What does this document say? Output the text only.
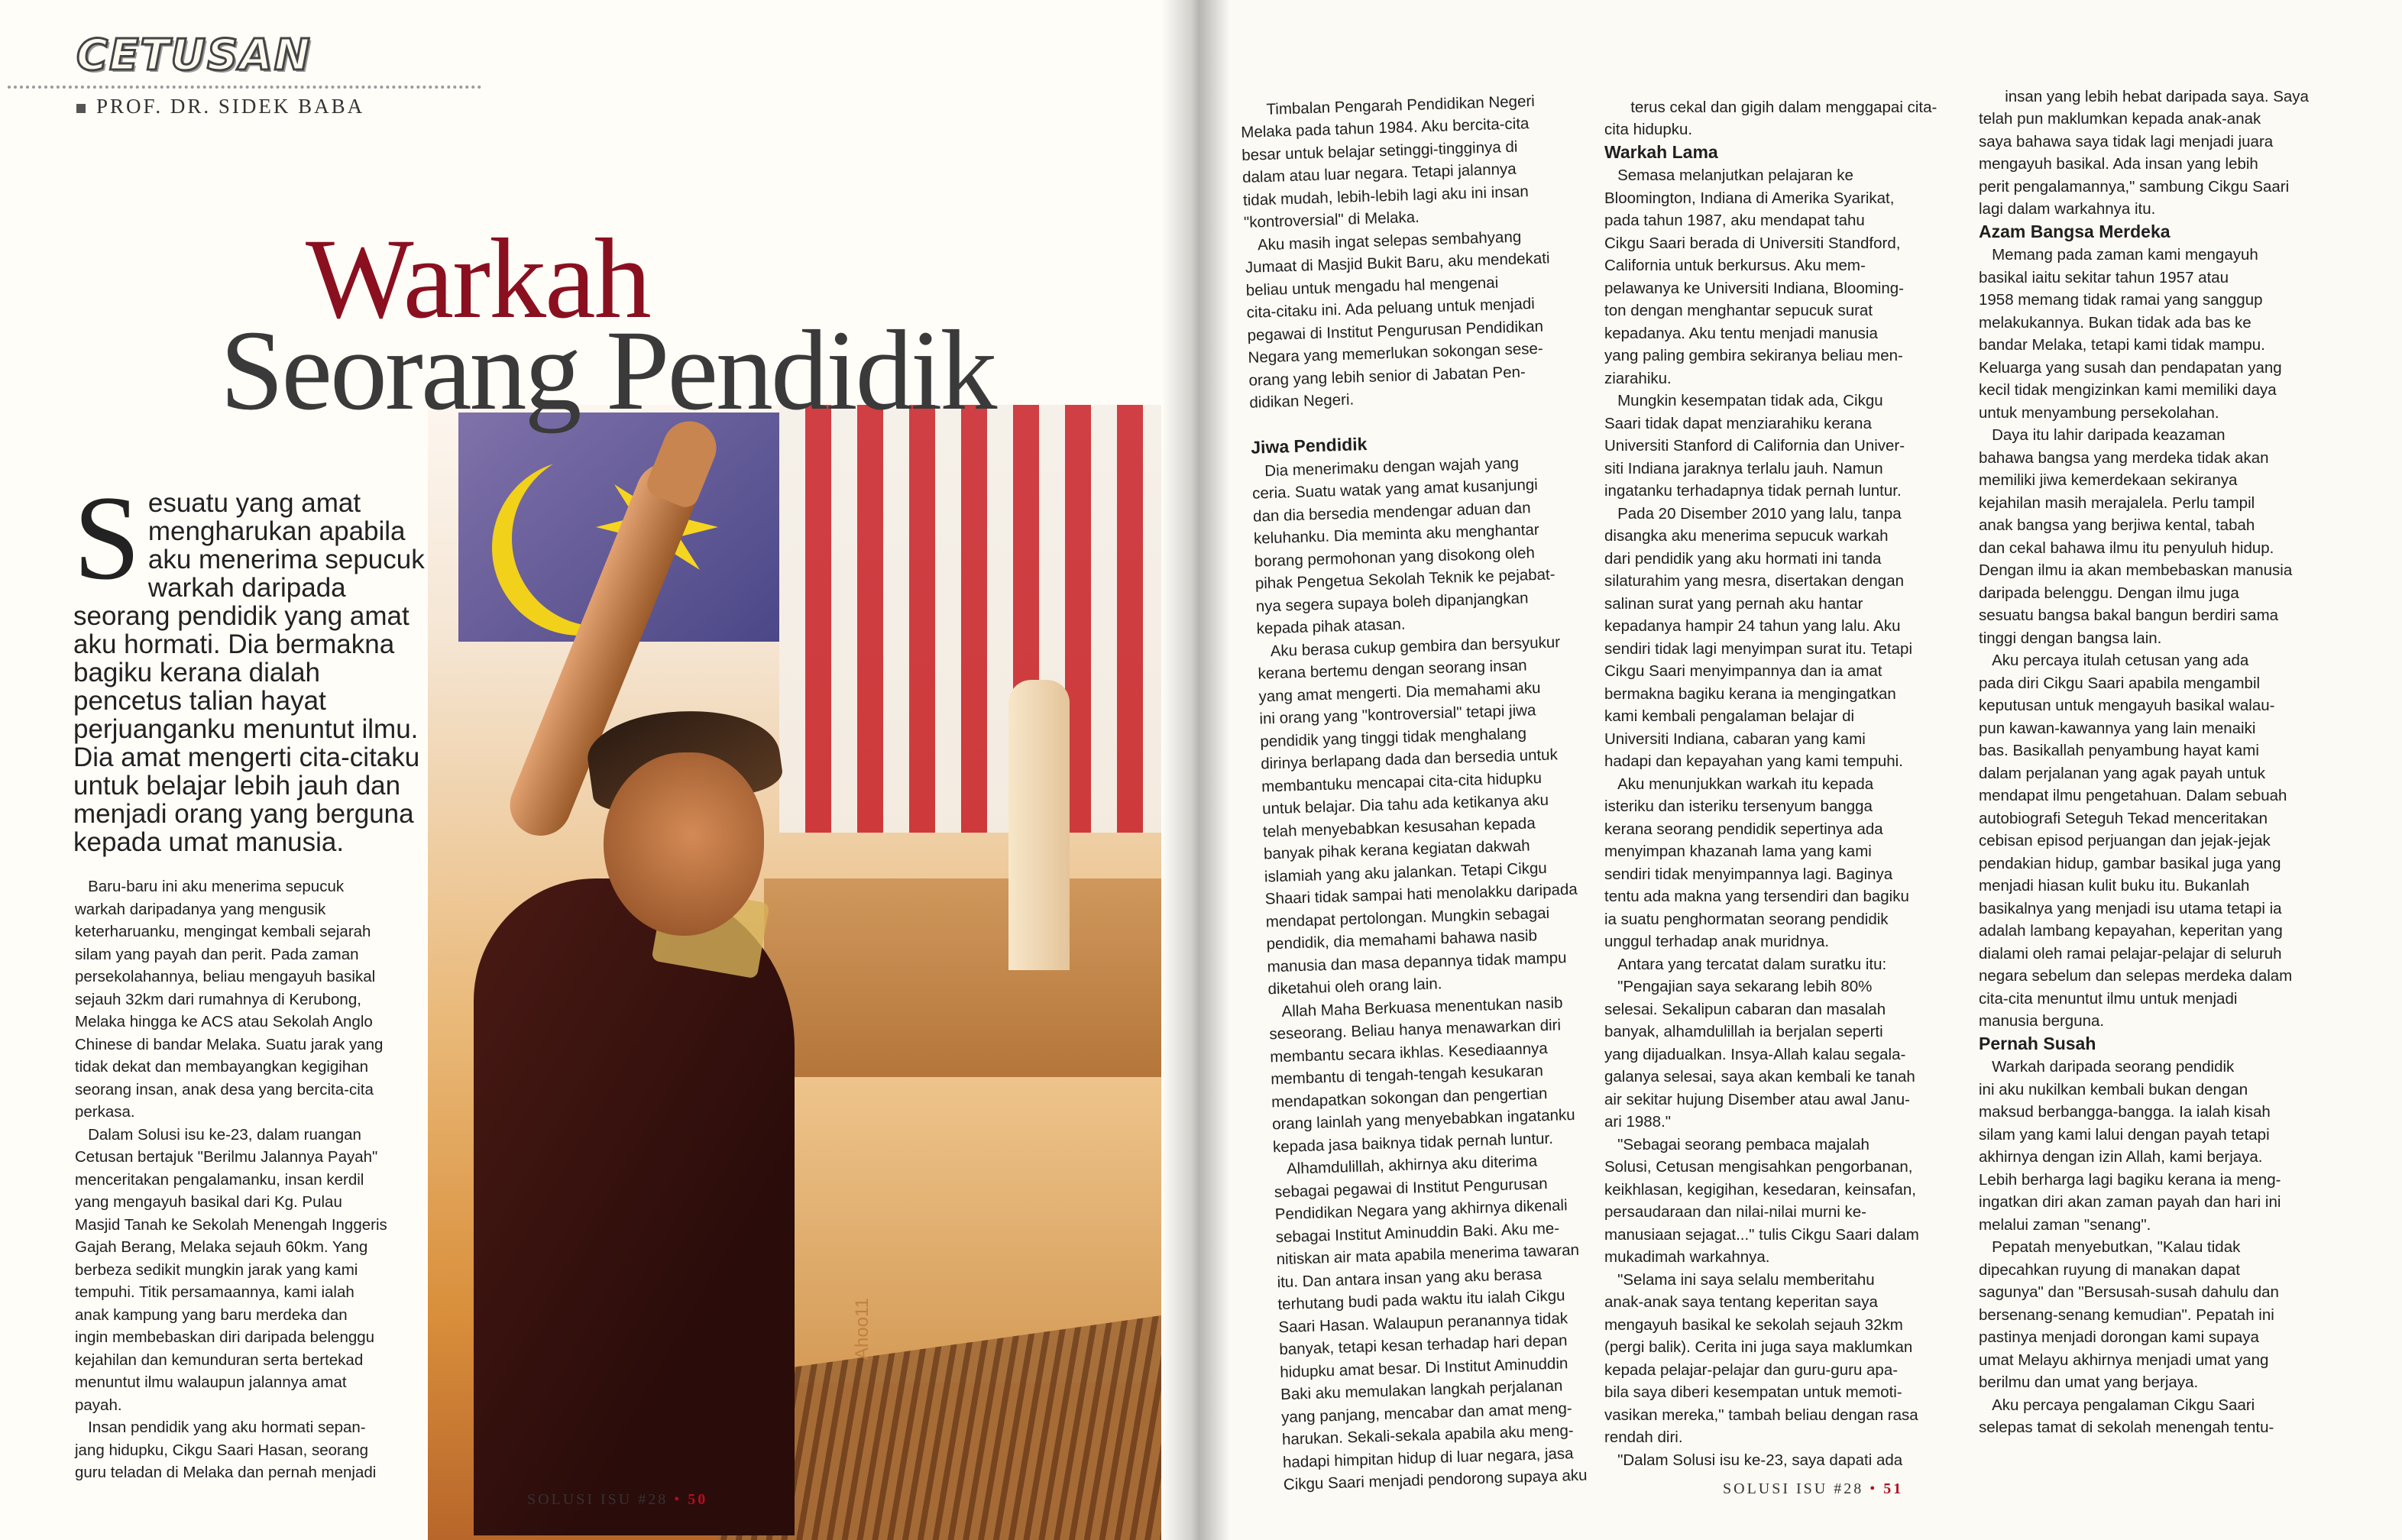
CETUSAN
PROF. DR. SIDEK BABA
Ahoo11
Warkah
Seorang Pendidik

Sesuatu yang amat mengharukan apabila aku menerima sepucuk warkah daripada seorang pendidik yang amat aku hormati. Dia bermakna bagiku kerana dialah pencetus talian hayat perjuanganku menuntut ilmu. Dia amat mengerti cita-citaku untuk belajar lebih jauh dan menjadi orang yang berguna kepada umat manusia.

Baru-baru ini aku menerima sepucuk
warkah daripadanya yang mengusik
keterharuanku, mengingat kembali sejarah
silam yang payah dan perit. Pada zaman
persekolahannya, beliau mengayuh basikal
sejauh 32km dari rumahnya di Kerubong,
Melaka hingga ke ACS atau Sekolah Anglo
Chinese di bandar Melaka. Suatu jarak yang
tidak dekat dan membayangkan kegigihan
seorang insan, anak desa yang bercita-cita
perkasa.
Dalam Solusi isu ke-23, dalam ruangan
Cetusan bertajuk "Berilmu Jalannya Payah"
menceritakan pengalamanku, insan kerdil
yang mengayuh basikal dari Kg. Pulau
Masjid Tanah ke Sekolah Menengah Inggeris
Gajah Berang, Melaka sejauh 60km. Yang
berbeza sedikit mungkin jarak yang kami
tempuhi. Titik persamaannya, kami ialah
anak kampung yang baru merdeka dan
ingin membebaskan diri daripada belenggu
kejahilan dan kemunduran serta bertekad
menuntut ilmu walaupun jalannya amat
payah.
Insan pendidik yang aku hormati sepan-
jang hidupku, Cikgu Saari Hasan, seorang
guru teladan di Melaka dan pernah menjadi

SOLUSI ISU #28 • 50

Timbalan Pengarah Pendidikan Negeri
Melaka pada tahun 1984. Aku bercita-cita
besar untuk belajar setinggi-tingginya di
dalam atau luar negara. Tetapi jalannya
tidak mudah, lebih-lebih lagi aku ini insan
"kontroversial" di Melaka.
Aku masih ingat selepas sembahyang
Jumaat di Masjid Bukit Baru, aku mendekati
beliau untuk mengadu hal mengenai
cita-citaku ini. Ada peluang untuk menjadi
pegawai di Institut Pengurusan Pendidikan
Negara yang memerlukan sokongan sese-
orang yang lebih senior di Jabatan Pen-
didikan Negeri.

Jiwa Pendidik
Dia menerimaku dengan wajah yang
ceria. Suatu watak yang amat kusanjungi
dan dia bersedia mendengar aduan dan
keluhanku. Dia meminta aku menghantar
borang permohonan yang disokong oleh
pihak Pengetua Sekolah Teknik ke pejabat-
nya segera supaya boleh dipanjangkan
kepada pihak atasan.
Aku berasa cukup gembira dan bersyukur
kerana bertemu dengan seorang insan
yang amat mengerti. Dia memahami aku
ini orang yang "kontroversial" tetapi jiwa
pendidik yang tinggi tidak menghalang
dirinya berlapang dada dan bersedia untuk
membantuku mencapai cita-cita hidupku
untuk belajar. Dia tahu ada ketikanya aku
telah menyebabkan kesusahan kepada
banyak pihak kerana kegiatan dakwah
islamiah yang aku jalankan. Tetapi Cikgu
Shaari tidak sampai hati menolakku daripada
mendapat pertolongan. Mungkin sebagai
pendidik, dia memahami bahawa nasib
manusia dan masa depannya tidak mampu
diketahui oleh orang lain.
Allah Maha Berkuasa menentukan nasib
seseorang. Beliau hanya menawarkan diri
membantu secara ikhlas. Kesediaannya
membantu di tengah-tengah kesukaran
mendapatkan sokongan dan pengertian
orang lainlah yang menyebabkan ingatanku
kepada jasa baiknya tidak pernah luntur.
Alhamdulillah, akhirnya aku diterima
sebagai pegawai di Institut Pengurusan
Pendidikan Negara yang akhirnya dikenali
sebagai Institut Aminuddin Baki. Aku me-
nitiskan air mata apabila menerima tawaran
itu. Dan antara insan yang aku berasa
terhutang budi pada waktu itu ialah Cikgu
Saari Hasan. Walaupun peranannya tidak
banyak, tetapi kesan terhadap hari depan
hidupku amat besar. Di Institut Aminuddin
Baki aku memulakan langkah perjalanan
yang panjang, mencabar dan amat meng-
harukan. Sekali-sekala apabila aku meng-
hadapi himpitan hidup di luar negara, jasa
Cikgu Saari menjadi pendorong supaya aku

terus cekal dan gigih dalam menggapai cita-
cita hidupku.
Warkah Lama
Semasa melanjutkan pelajaran ke
Bloomington, Indiana di Amerika Syarikat,
pada tahun 1987, aku mendapat tahu
Cikgu Saari berada di Universiti Standford,
California untuk berkursus. Aku mem-
pelawanya ke Universiti Indiana, Blooming-
ton dengan menghantar sepucuk surat
kepadanya. Aku tentu menjadi manusia
yang paling gembira sekiranya beliau men-
ziarahiku.
Mungkin kesempatan tidak ada, Cikgu
Saari tidak dapat menziarahiku kerana
Universiti Stanford di California dan Univer-
siti Indiana jaraknya terlalu jauh. Namun
ingatanku terhadapnya tidak pernah luntur.
Pada 20 Disember 2010 yang lalu, tanpa
disangka aku menerima sepucuk warkah
dari pendidik yang aku hormati ini tanda
silaturahim yang mesra, disertakan dengan
salinan surat yang pernah aku hantar
kepadanya hampir 24 tahun yang lalu. Aku
sendiri tidak lagi menyimpan surat itu. Tetapi
Cikgu Saari menyimpannya dan ia amat
bermakna bagiku kerana ia mengingatkan
kami kembali pengalaman belajar di
Universiti Indiana, cabaran yang kami
hadapi dan kepayahan yang kami tempuhi.
Aku menunjukkan warkah itu kepada
isteriku dan isteriku tersenyum bangga
kerana seorang pendidik sepertinya ada
menyimpan khazanah lama yang kami
sendiri tidak menyimpannya lagi. Baginya
tentu ada makna yang tersendiri dan bagiku
ia suatu penghormatan seorang pendidik
unggul terhadap anak muridnya.
Antara yang tercatat dalam suratku itu:
"Pengajian saya sekarang lebih 80%
selesai. Sekalipun cabaran dan masalah
banyak, alhamdulillah ia berjalan seperti
yang dijadualkan. Insya-Allah kalau segala-
galanya selesai, saya akan kembali ke tanah
air sekitar hujung Disember atau awal Janu-
ari 1988."
"Sebagai seorang pembaca majalah
Solusi, Cetusan mengisahkan pengorbanan,
keikhlasan, kegigihan, kesedaran, keinsafan,
persaudaraan dan nilai-nilai murni ke-
manusiaan sejagat..." tulis Cikgu Saari dalam
mukadimah warkahnya.
"Selama ini saya selalu memberitahu
anak-anak saya tentang keperitan saya
mengayuh basikal ke sekolah sejauh 32km
(pergi balik). Cerita ini juga saya maklumkan
kepada pelajar-pelajar dan guru-guru apa-
bila saya diberi kesempatan untuk memoti-
vasikan mereka," tambah beliau dengan rasa
rendah diri.
"Dalam Solusi isu ke-23, saya dapati ada

insan yang lebih hebat daripada saya. Saya
telah pun maklumkan kepada anak-anak
saya bahawa saya tidak lagi menjadi juara
mengayuh basikal. Ada insan yang lebih
perit pengalamannya," sambung Cikgu Saari
lagi dalam warkahnya itu.
Azam Bangsa Merdeka
Memang pada zaman kami mengayuh
basikal iaitu sekitar tahun 1957 atau
1958 memang tidak ramai yang sanggup
melakukannya. Bukan tidak ada bas ke
bandar Melaka, tetapi kami tidak mampu.
Keluarga yang susah dan pendapatan yang
kecil tidak mengizinkan kami memiliki daya
untuk menyambung persekolahan.
Daya itu lahir daripada keazaman
bahawa bangsa yang merdeka tidak akan
memiliki jiwa kemerdekaan sekiranya
kejahilan masih merajalela. Perlu tampil
anak bangsa yang berjiwa kental, tabah
dan cekal bahawa ilmu itu penyuluh hidup.
Dengan ilmu ia akan membebaskan manusia
daripada belenggu. Dengan ilmu juga
sesuatu bangsa bakal bangun berdiri sama
tinggi dengan bangsa lain.
Aku percaya itulah cetusan yang ada
pada diri Cikgu Saari apabila mengambil
keputusan untuk mengayuh basikal walau-
pun kawan-kawannya yang lain menaiki
bas. Basikallah penyambung hayat kami
dalam perjalanan yang agak payah untuk
mendapat ilmu pengetahuan. Dalam sebuah
autobiografi Seteguh Tekad menceritakan
cebisan episod perjuangan dan jejak-jejak
pendakian hidup, gambar basikal juga yang
menjadi hiasan kulit buku itu. Bukanlah
basikalnya yang menjadi isu utama tetapi ia
adalah lambang kepayahan, keperitan yang
dialami oleh ramai pelajar-pelajar di seluruh
negara sebelum dan selepas merdeka dalam
cita-cita menuntut ilmu untuk menjadi
manusia berguna.
Pernah Susah
Warkah daripada seorang pendidik
ini aku nukilkan kembali bukan dengan
maksud berbangga-bangga. Ia ialah kisah
silam yang kami lalui dengan payah tetapi
akhirnya dengan izin Allah, kami berjaya.
Lebih berharga lagi bagiku kerana ia meng-
ingatkan diri akan zaman payah dan hari ini
melalui zaman "senang".
Pepatah menyebutkan, "Kalau tidak
dipecahkan ruyung di manakan dapat
sagunya" dan "Bersusah-susah dahulu dan
bersenang-senang kemudian". Pepatah ini
pastinya menjadi dorongan kami supaya
umat Melayu akhirnya menjadi umat yang
berilmu dan umat yang berjaya.
Aku percaya pengalaman Cikgu Saari
selepas tamat di sekolah menengah tentu-

SOLUSI ISU #28 • 51
